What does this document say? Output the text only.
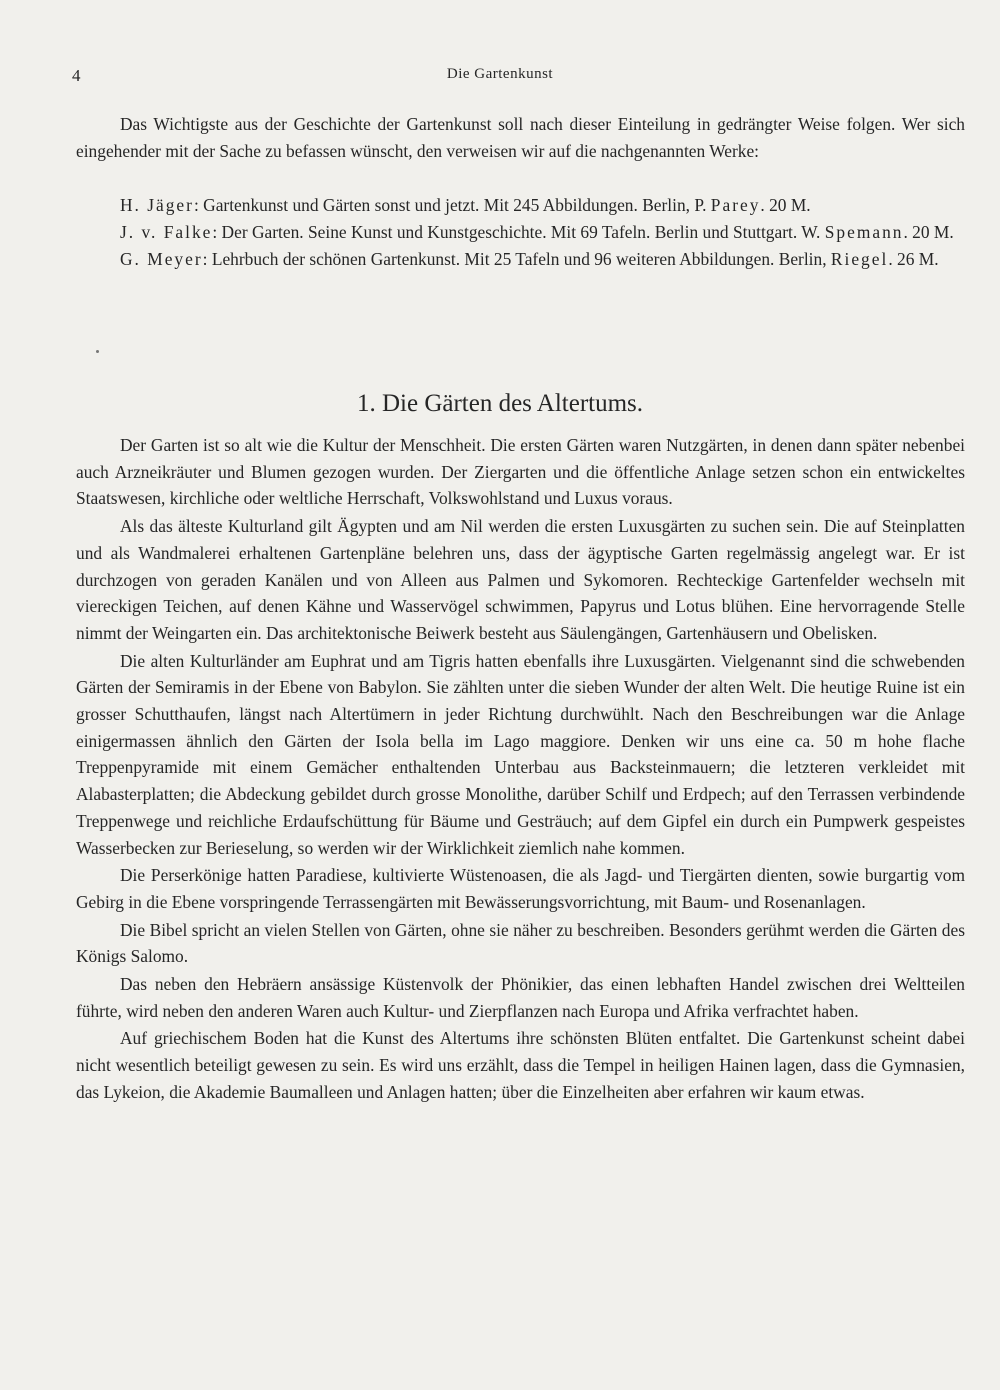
4	Die Gartenkunst

Das Wichtigste aus der Geschichte der Gartenkunst soll nach dieser Einteilung in gedrängter Weise folgen. Wer sich eingehender mit der Sache zu befassen wünscht, den verweisen wir auf die nachgenannten Werke:

H. Jäger: Gartenkunst und Gärten sonst und jetzt. Mit 245 Abbildungen. Berlin, P. Parey. 20 M.

J. v. Falke: Der Garten. Seine Kunst und Kunstgeschichte. Mit 69 Tafeln. Berlin und Stuttgart. W. Spemann. 20 M.

G. Meyer: Lehrbuch der schönen Gartenkunst. Mit 25 Tafeln und 96 weiteren Abbildungen. Berlin, Riegel. 26 M.

1. Die Gärten des Altertums.

Der Garten ist so alt wie die Kultur der Menschheit. Die ersten Gärten waren Nutzgärten, in denen dann später nebenbei auch Arzneikräuter und Blumen gezogen wurden. Der Ziergarten und die öffentliche Anlage setzen schon ein entwickeltes Staatswesen, kirchliche oder weltliche Herrschaft, Volkswohlstand und Luxus voraus.

Als das älteste Kulturland gilt Ägypten und am Nil werden die ersten Luxusgärten zu suchen sein. Die auf Steinplatten und als Wandmalerei erhaltenen Gartenpläne belehren uns, dass der ägyptische Garten regelmässig angelegt war. Er ist durchzogen von geraden Kanälen und von Alleen aus Palmen und Sykomoren. Rechteckige Gartenfelder wechseln mit viereckigen Teichen, auf denen Kähne und Wasservögel schwimmen, Papyrus und Lotus blühen. Eine hervorragende Stelle nimmt der Weingarten ein. Das architektonische Beiwerk besteht aus Säulengängen, Gartenhäusern und Obelisken.

Die alten Kulturländer am Euphrat und am Tigris hatten ebenfalls ihre Luxusgärten. Vielgenannt sind die schwebenden Gärten der Semiramis in der Ebene von Babylon. Sie zählten unter die sieben Wunder der alten Welt. Die heutige Ruine ist ein grosser Schutthaufen, längst nach Altertümern in jeder Richtung durchwühlt. Nach den Beschreibungen war die Anlage einigermassen ähnlich den Gärten der Isola bella im Lago maggiore. Denken wir uns eine ca. 50 m hohe flache Treppenpyramide mit einem Gemächer enthaltenden Unterbau aus Backsteinmauern; die letzteren verkleidet mit Alabasterplatten; die Abdeckung gebildet durch grosse Monolithe, darüber Schilf und Erdpech; auf den Terrassen verbindende Treppenwege und reichliche Erdaufschüttung für Bäume und Gesträuch; auf dem Gipfel ein durch ein Pumpwerk gespeistes Wasserbecken zur Berieselung, so werden wir der Wirklichkeit ziemlich nahe kommen.

Die Perserkönige hatten Paradiese, kultivierte Wüstenoasen, die als Jagd- und Tiergärten dienten, sowie burgartig vom Gebirg in die Ebene vorspringende Terrassengärten mit Bewässerungsvorrichtung, mit Baum- und Rosenanlagen.

Die Bibel spricht an vielen Stellen von Gärten, ohne sie näher zu beschreiben. Besonders gerühmt werden die Gärten des Königs Salomo.

Das neben den Hebräern ansässige Küstenvolk der Phönikier, das einen lebhaften Handel zwischen drei Weltteilen führte, wird neben den anderen Waren auch Kultur- und Zierpflanzen nach Europa und Afrika verfrachtet haben.

Auf griechischem Boden hat die Kunst des Altertums ihre schönsten Blüten entfaltet. Die Gartenkunst scheint dabei nicht wesentlich beteiligt gewesen zu sein. Es wird uns erzählt, dass die Tempel in heiligen Hainen lagen, dass die Gymnasien, das Lykeion, die Akademie Baumalleen und Anlagen hatten; über die Einzelheiten aber erfahren wir kaum etwas.
